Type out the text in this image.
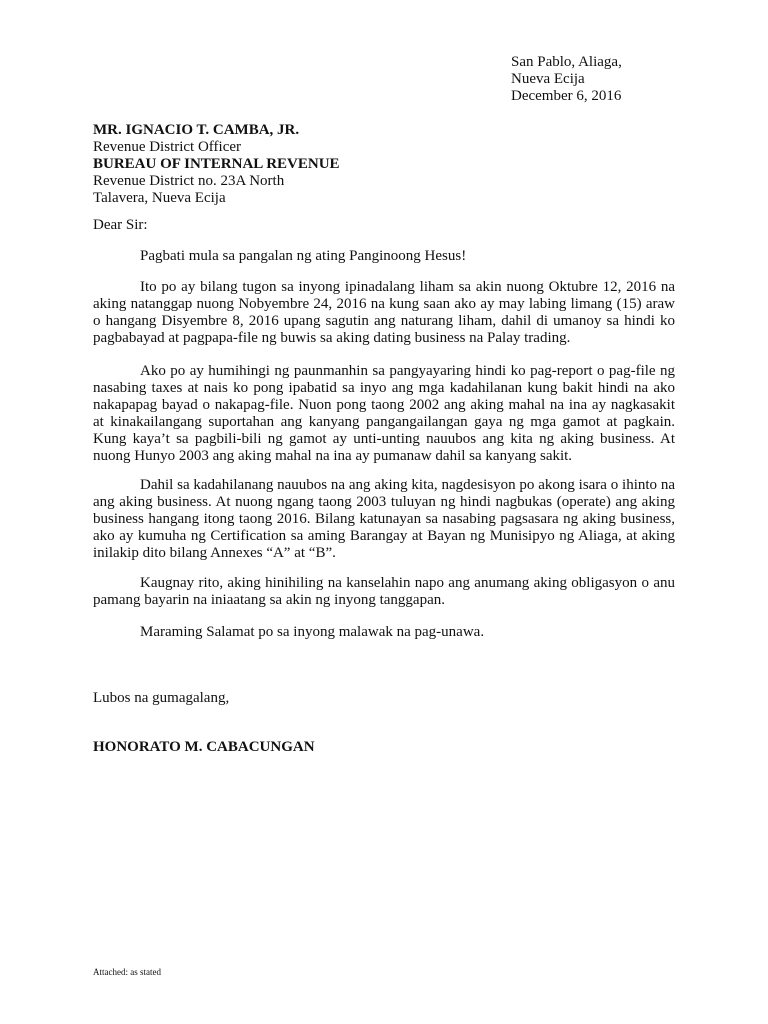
San Pablo, Aliaga,
Nueva Ecija
December 6, 2016
MR. IGNACIO T. CAMBA, JR.
Revenue District Officer
BUREAU OF INTERNAL REVENUE
Revenue District no. 23A North
Talavera, Nueva Ecija
Dear Sir:
Pagbati mula sa pangalan ng ating Panginoong Hesus!
Ito po ay bilang tugon sa inyong ipinadalang liham sa akin nuong Oktubre 12, 2016 na aking natanggap nuong Nobyembre 24, 2016 na kung saan ako ay may labing limang (15) araw o hangang Disyembre 8, 2016 upang sagutin ang naturang liham, dahil di umanoy sa hindi ko pagbabayad at pagpapa-file ng buwis sa aking dating business na Palay trading.
Ako po ay humihingi ng paunmanhin sa pangyayaring hindi ko pag-report o pag-file ng nasabing taxes at nais ko pong ipabatid sa inyo ang mga kadahilanan kung bakit hindi na ako nakapapag bayad o nakapag-file. Nuon pong taong 2002 ang aking mahal na ina ay nagkasakit at kinakailangang suportahan ang kanyang pangangailangan gaya ng mga gamot at pagkain. Kung kaya’t sa pagbili-bili ng gamot ay unti-unting nauubos ang kita ng aking business. At nuong Hunyo 2003 ang aking mahal na ina ay pumanaw dahil sa kanyang sakit.
Dahil sa kadahilanang nauubos na ang aking kita, nagdesisyon po akong isara o ihinto na ang aking business. At nuong ngang taong 2003 tuluyan ng hindi nagbukas (operate) ang aking business hangang itong taong 2016. Bilang katunayan sa nasabing pagsasara ng aking business, ako ay kumuha ng Certification sa aming Barangay at Bayan ng Munisipyo ng Aliaga, at aking inilakip dito bilang Annexes “A” at “B”.
Kaugnay rito, aking hinihiling na kanselahin napo ang anumang aking obligasyon o anu pamang bayarin na iniaatang sa akin ng inyong tanggapan.
Maraming Salamat po sa inyong malawak na pag-unawa.
Lubos na gumagalang,
HONORATO M. CABACUNGAN
Attached: as stated
